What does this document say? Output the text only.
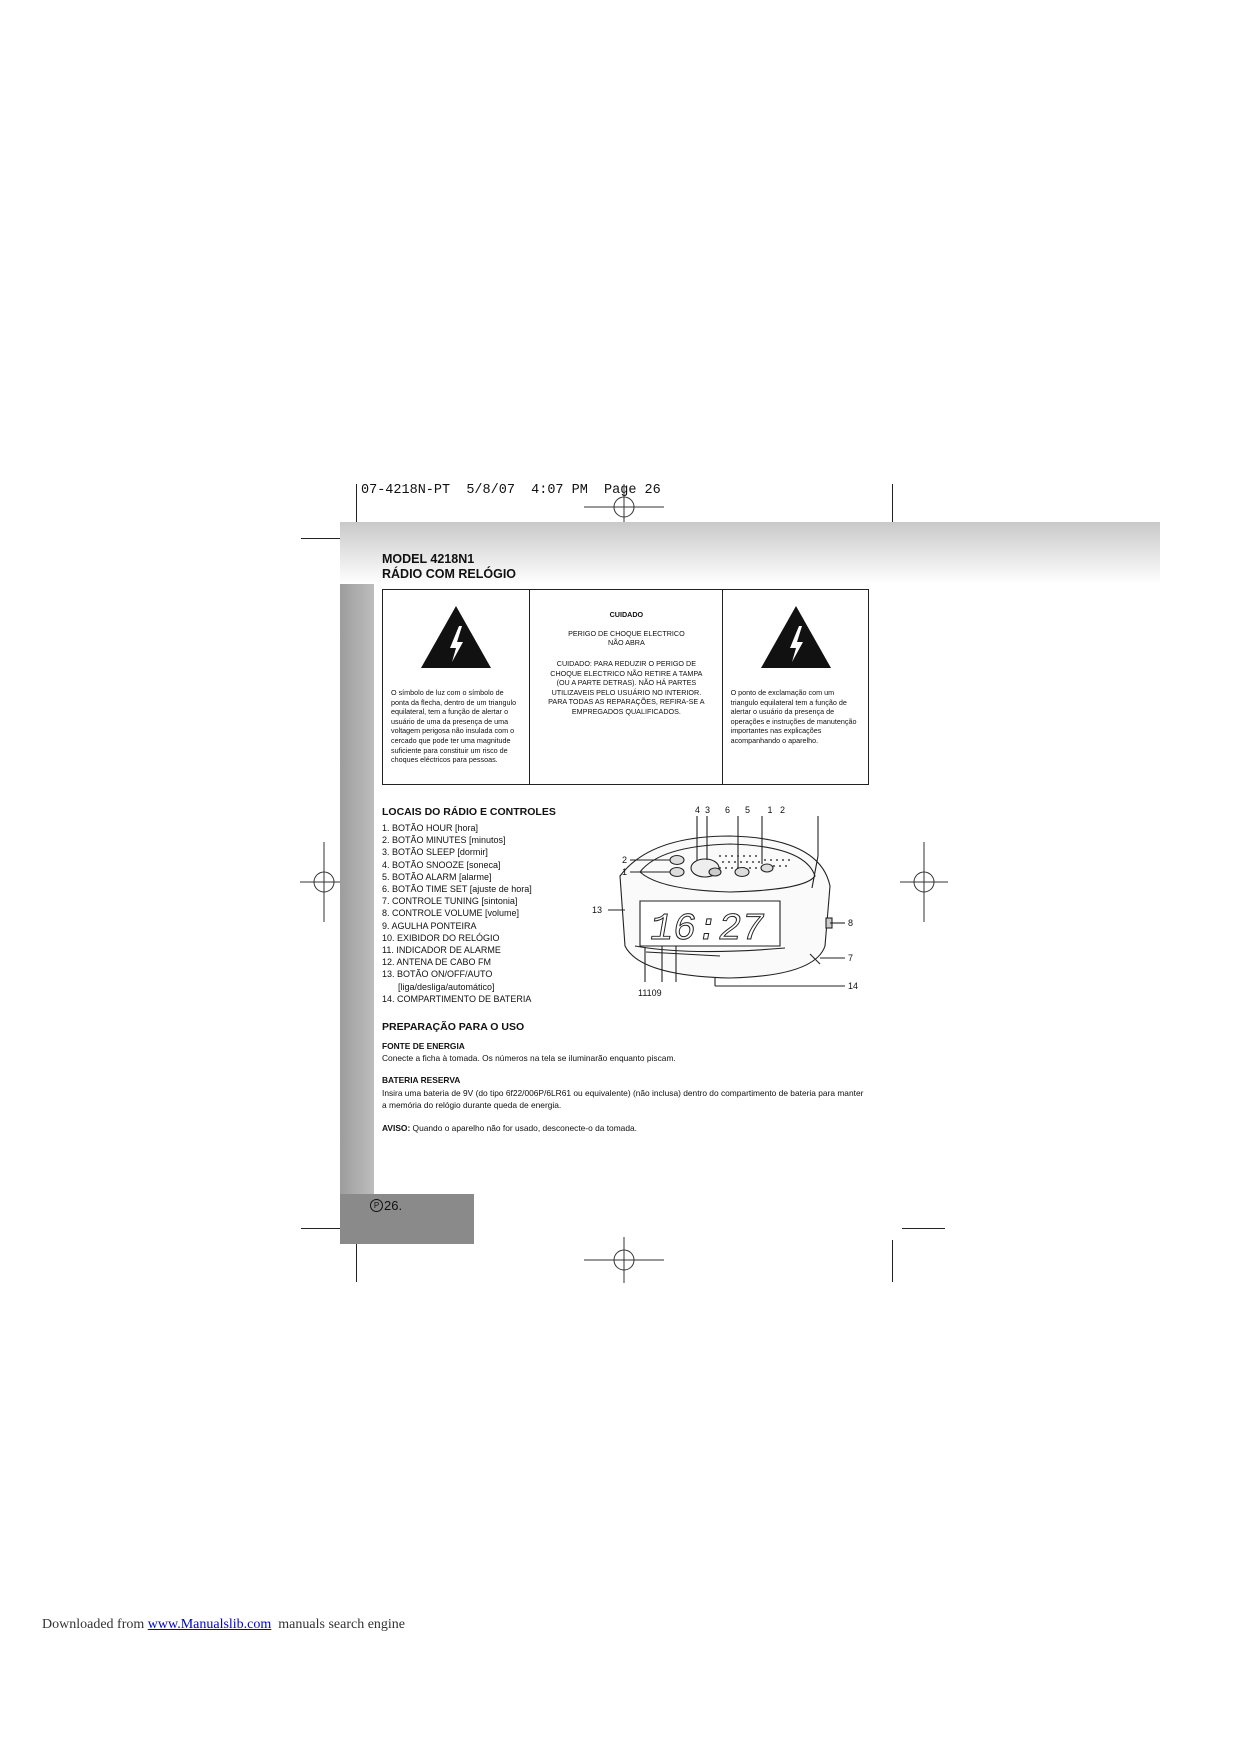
07-4218N-PT  5/8/07  4:07 PM  Page 26
MODEL 4218N1
RÁDIO COM RELÓGIO
O símbolo de luz com o símbolo de ponta da flecha, dentro de um triangulo equilateral, tem a função de alertar o usuário de uma da presença de uma voltagem perigosa não insulada com o cercado que pode ter uma magnitude suficiente para constituir um risco de choques eléctricos para pessoas.
CUIDADO
PERIGO DE CHOQUE ELECTRICO
NÃO ABRA
CUIDADO: PARA REDUZIR O PERIGO DE CHOQUE ELECTRICO NÃO RETIRE A TAMPA (OU A PARTE DETRAS). NÃO HÁ PARTES UTILIZAVEIS PELO USUÁRIO NO INTERIOR. PARA TODAS AS REPARAÇÕES, REFIRA-SE A EMPREGADOS QUALIFICADOS.
O ponto de exclamação com um triangulo equilateral tem a função de alertar o usuário da presença de operações e instruções de manutenção importantes nas explicações acompanhando o aparelho.
LOCAIS DO RÁDIO E CONTROLES
1. BOTÃO HOUR [hora]
2. BOTÃO MINUTES [minutos]
3. BOTÃO SLEEP [dormir]
4. BOTÃO SNOOZE [soneca]
5. BOTÃO ALARM [alarme]
6. BOTÃO TIME SET [ajuste de hora]
7. CONTROLE TUNING [sintonia]
8. CONTROLE VOLUME [volume]
9. AGULHA PONTEIRA
10. EXIBIDOR DO RELÓGIO
11. INDICADOR DE ALARME
12. ANTENA DE CABO FM
13. BOTÃO ON/OFF/AUTO
[liga/desliga/automático]
14. COMPARTIMENTO DE BATERIA
16:27
4  3      6      5       1   2
2
1
13
8
7
14
11109
PREPARAÇÃO PARA O USO
FONTE DE ENERGIA
Conecte a ficha à tomada. Os números na tela se iluminarão enquanto piscam.
BATERIA RESERVA
Insira uma bateria de 9V (do tipo 6f22/006P/6LR61 ou equivalente) (não inclusa) dentro do compartimento de bateria para manter a memória do relógio durante queda de energia.
AVISO: Quando o aparelho não for usado, desconecte-o da tomada.
P 26.
Downloaded from www.Manualslib.com  manuals search engine
